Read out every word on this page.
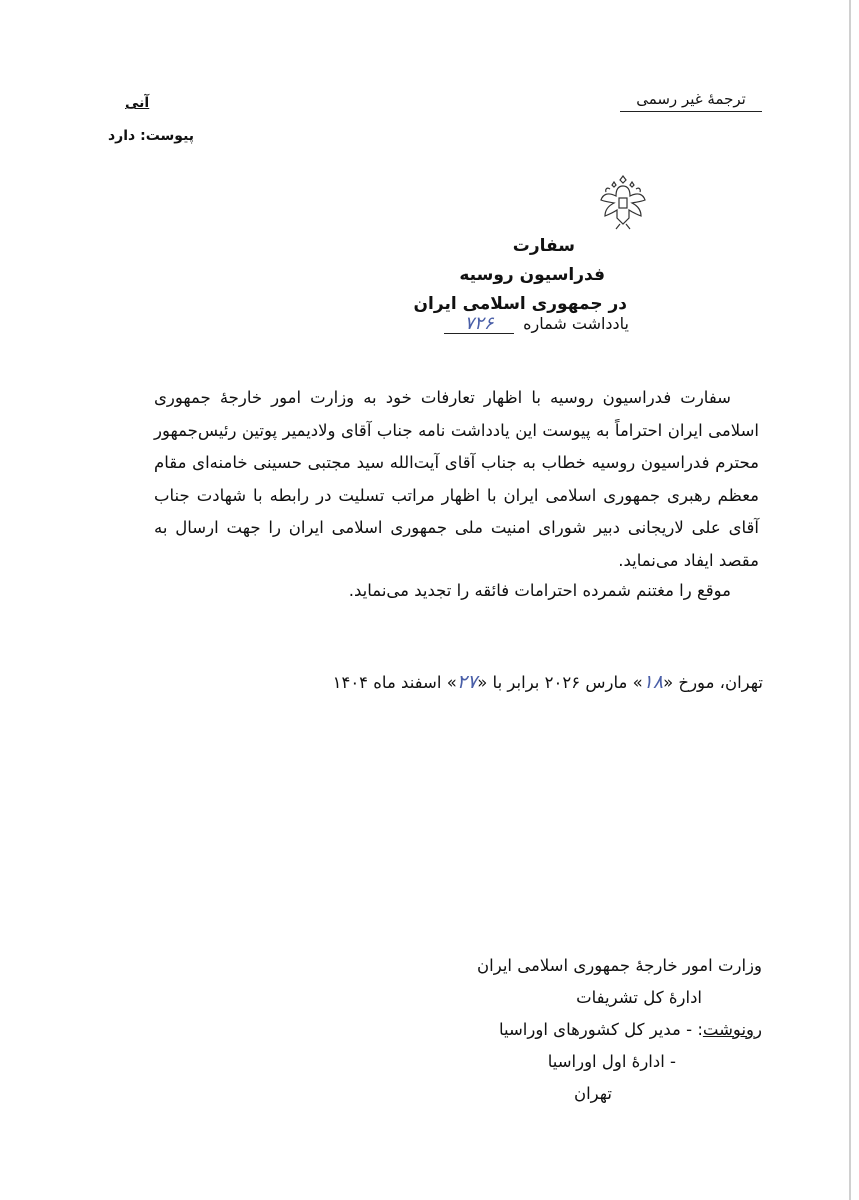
ترجمهٔ غیر رسمی
آنی
پیوست: دارد
سفارت
فدراسیون روسیه
در جمهوری اسلامی ایران
یادداشت شماره ۷۲۶

سفارت فدراسیون روسیه با اظهار تعارفات خود به وزارت امور خارجهٔ جمهوری اسلامی ایران احتراماً به پیوست این یادداشت نامه جناب آقای ولادیمیر پوتین رئیس‌جمهور محترم فدراسیون روسیه خطاب به جناب آقای آیت‌الله سید مجتبی حسینی خامنه‌ای مقام معظم رهبری جمهوری اسلامی ایران با اظهار مراتب تسلیت در رابطه با شهادت جناب آقای علی لاریجانی دبیر شورای امنیت ملی جمهوری اسلامی ایران را جهت ارسال به مقصد ایفاد می‌نماید.

موقع را مغتنم شمرده احترامات فائقه را تجدید می‌نماید.
تهران، مورخ «۱۸» مارس ۲۰۲۶ برابر با «۲۷» اسفند ماه ۱۴۰۴
وزارت امور خارجهٔ جمهوری اسلامی ایران
ادارهٔ کل تشریفات
رونوشت: - مدیر کل کشورهای اوراسیا
- ادارهٔ اول اوراسیا
تهران
